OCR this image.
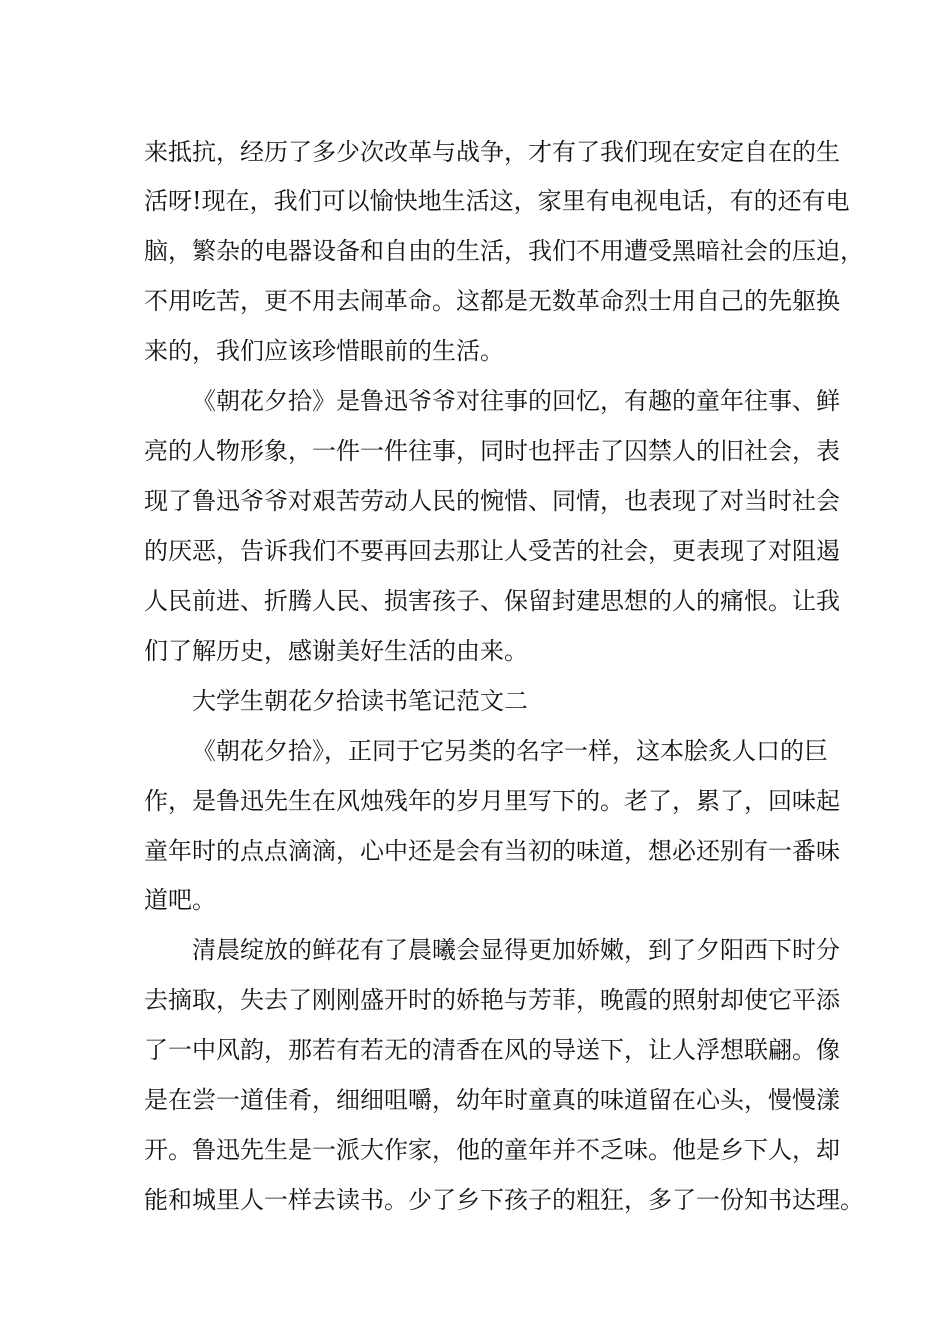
来抵抗，经历了多少次改革与战争，才有了我们现在安定自在的生

活呀!现在，我们可以愉快地生活这，家里有电视电话，有的还有电

脑，繁杂的电器设备和自由的生活，我们不用遭受黑暗社会的压迫，

不用吃苦，更不用去闹革命。这都是无数革命烈士用自己的先躯换

来的，我们应该珍惜眼前的生活。

《朝花夕拾》是鲁迅爷爷对往事的回忆，有趣的童年往事、鲜

亮的人物形象，一件一件往事，同时也抨击了囚禁人的旧社会，表

现了鲁迅爷爷对艰苦劳动人民的惋惜、同情，也表现了对当时社会

的厌恶，告诉我们不要再回去那让人受苦的社会，更表现了对阻遏

人民前进、折腾人民、损害孩子、保留封建思想的人的痛恨。让我

们了解历史，感谢美好生活的由来。

大学生朝花夕拾读书笔记范文二

《朝花夕拾》，正同于它另类的名字一样，这本脍炙人口的巨

作，是鲁迅先生在风烛残年的岁月里写下的。老了，累了，回味起

童年时的点点滴滴，心中还是会有当初的味道，想必还别有一番味

道吧。

清晨绽放的鲜花有了晨曦会显得更加娇嫩，到了夕阳西下时分

去摘取，失去了刚刚盛开时的娇艳与芳菲，晚霞的照射却使它平添

了一中风韵，那若有若无的清香在风的导送下，让人浮想联翩。像

是在尝一道佳肴，细细咀嚼，幼年时童真的味道留在心头，慢慢漾

开。鲁迅先生是一派大作家，他的童年并不乏味。他是乡下人，却

能和城里人一样去读书。少了乡下孩子的粗狂，多了一份知书达理。
